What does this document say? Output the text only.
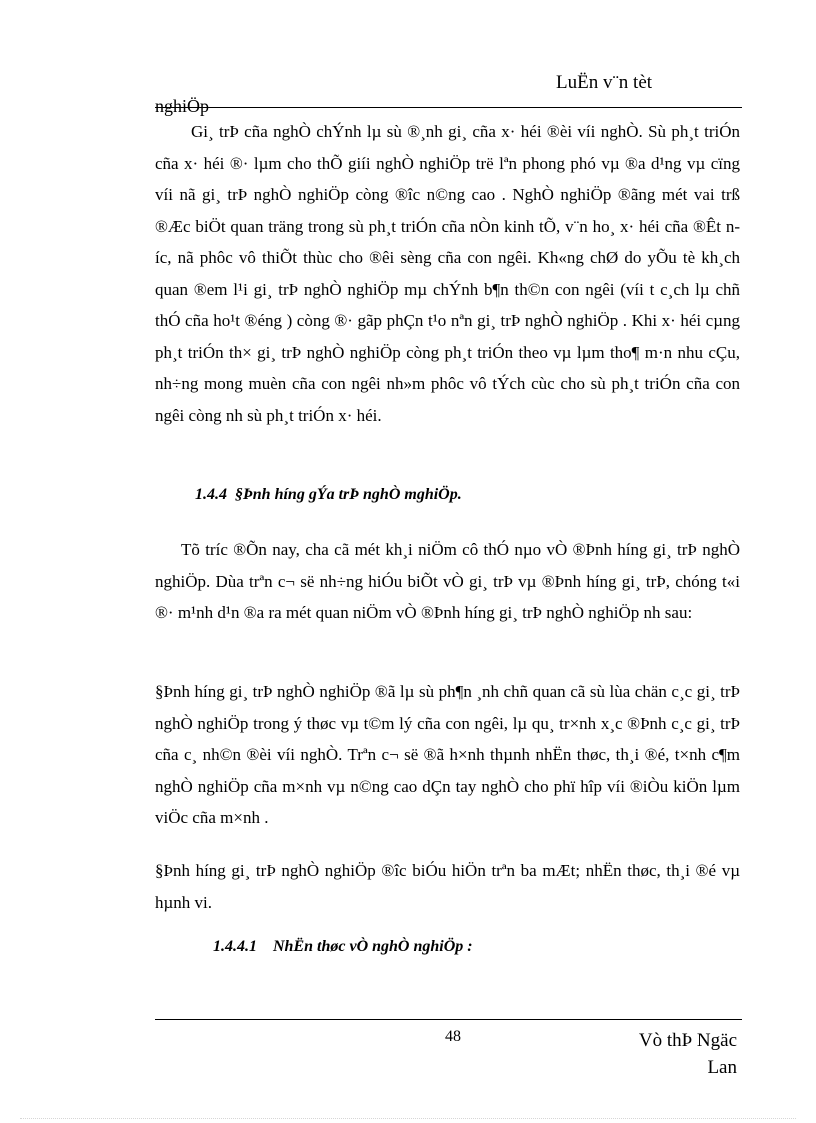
LuËn v¨n tèt
nghiÖp

Gi¸ trÞ cña nghÒ chÝnh lµ sù ®¸nh gi¸ cña x· héi ®èi víi nghÒ. Sù ph¸t triÓn cña x· héi ®· lµm cho thÕ giíi nghÒ nghiÖp trë lªn phong phó vµ ®a d¹ng vµ cïng víi nã gi¸ trÞ nghÒ nghiÖp còng ®îc n©ng cao . NghÒ nghiÖp ®ãng mét vai trß ®Æc biÖt quan träng trong sù ph¸t triÓn cña nÒn kinh tÕ, v¨n ho¸ x· héi cña ®Êt níc, nã phôc vô thiÕt thùc cho ®êi sèng cña con ngêi. Kh«ng chØ do yÕu tè kh¸ch quan ®em l¹i gi¸ trÞ nghÒ nghiÖp mµ chÝnh b¶n th©n con ngêi (víi t c¸ch lµ chñ thÓ cña ho¹t ®éng ) còng ®· gãp phÇn t¹o nªn gi¸ trÞ nghÒ nghiÖp . Khi x· héi cµng ph¸t triÓn th× gi¸ trÞ nghÒ nghiÖp còng ph¸t triÓn theo vµ lµm tho¶ m·n nhu cÇu, nh÷ng mong muèn cña con ngêi nh»m phôc vô tÝch cùc cho sù ph¸t triÓn cña con ngêi còng nh sù ph¸t triÓn x· héi.

1.4.4  §Þnh híng gÝa trÞ nghÒ mghiÖp.

Tõ tríc ®Õn nay, cha cã mét kh¸i niÖm cô thÓ nµo vÒ ®Þnh híng gi¸ trÞ nghÒ nghiÖp. Dùa trªn c¬ së nh÷ng hiÓu biÕt vÒ gi¸ trÞ vµ ®Þnh híng gi¸ trÞ, chóng t«i ®· m¹nh d¹n ®a ra mét quan niÖm vÒ ®Þnh híng gi¸ trÞ nghÒ nghiÖp nh sau:

§Þnh híng gi¸ trÞ nghÒ nghiÖp ®ã lµ sù ph¶n ¸nh chñ quan cã sù lùa chän c¸c gi¸ trÞ nghÒ nghiÖp trong ý thøc vµ t©m lý cña con ngêi, lµ qu¸ tr×nh x¸c ®Þnh c¸c gi¸ trÞ cña c¸ nh©n ®èi víi nghÒ. Trªn c¬ së ®ã h×nh thµnh nhËn thøc, th¸i ®é, t×nh c¶m nghÒ nghiÖp cña m×nh vµ n©ng cao dÇn tay nghÒ cho phï hîp víi ®iÒu kiÖn lµm viÖc cña m×nh .

§Þnh híng gi¸ trÞ nghÒ nghiÖp ®îc biÓu hiÖn trªn ba mÆt; nhËn thøc, th¸i ®é vµ hµnh vi.

1.4.4.1    NhËn thøc vÒ nghÒ nghiÖp :
48	Vò thÞ Ngäc
Lan
